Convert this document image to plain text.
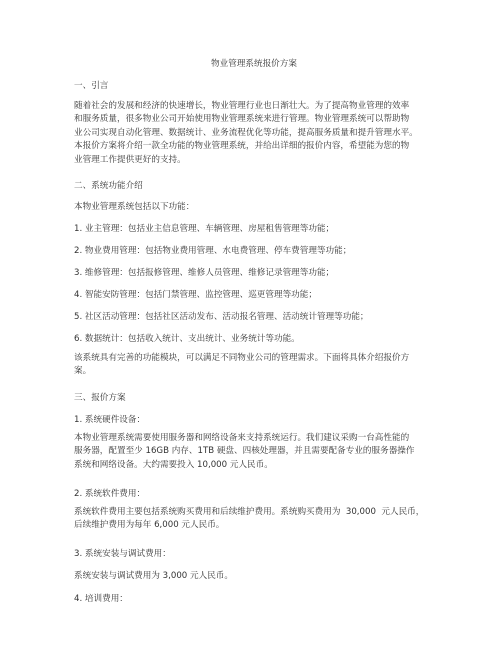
物业管理系统报价方案
一、引言
随着社会的发展和经济的快速增长，物业管理行业也日渐壮大。为了提高物业管理的效率
和服务质量，很多物业公司开始使用物业管理系统来进行管理。物业管理系统可以帮助物
业公司实现自动化管理、数据统计、业务流程优化等功能，提高服务质量和提升管理水平。
本报价方案将介绍一款全功能的物业管理系统，并给出详细的报价内容，希望能为您的物
业管理工作提供更好的支持。
二、系统功能介绍
本物业管理系统包括以下功能：
1. 业主管理：包括业主信息管理、车辆管理、房屋租售管理等功能；
2. 物业费用管理：包括物业费用管理、水电费管理、停车费管理等功能；
3. 维修管理：包括报修管理、维修人员管理、维修记录管理等功能；
4. 智能安防管理：包括门禁管理、监控管理、巡更管理等功能；
5. 社区活动管理：包括社区活动发布、活动报名管理、活动统计管理等功能；
6. 数据统计：包括收入统计、支出统计、业务统计等功能。
该系统具有完善的功能模块，可以满足不同物业公司的管理需求。下面将具体介绍报价方
案。
三、报价方案
1. 系统硬件设备：
本物业管理系统需要使用服务器和网络设备来支持系统运行。我们建议采购一台高性能的
服务器，配置至少 16GB 内存、1TB 硬盘、四核处理器，并且需要配备专业的服务器操作
系统和网络设备。大约需要投入 10,000 元人民币。
2. 系统软件费用：
系统软件费用主要包括系统购买费用和后续维护费用。系统购买费用为  30,000  元人民币，
后续维护费用为每年 6,000 元人民币。
3. 系统安装与调试费用：
系统安装与调试费用为 3,000 元人民币。
4. 培训费用：
